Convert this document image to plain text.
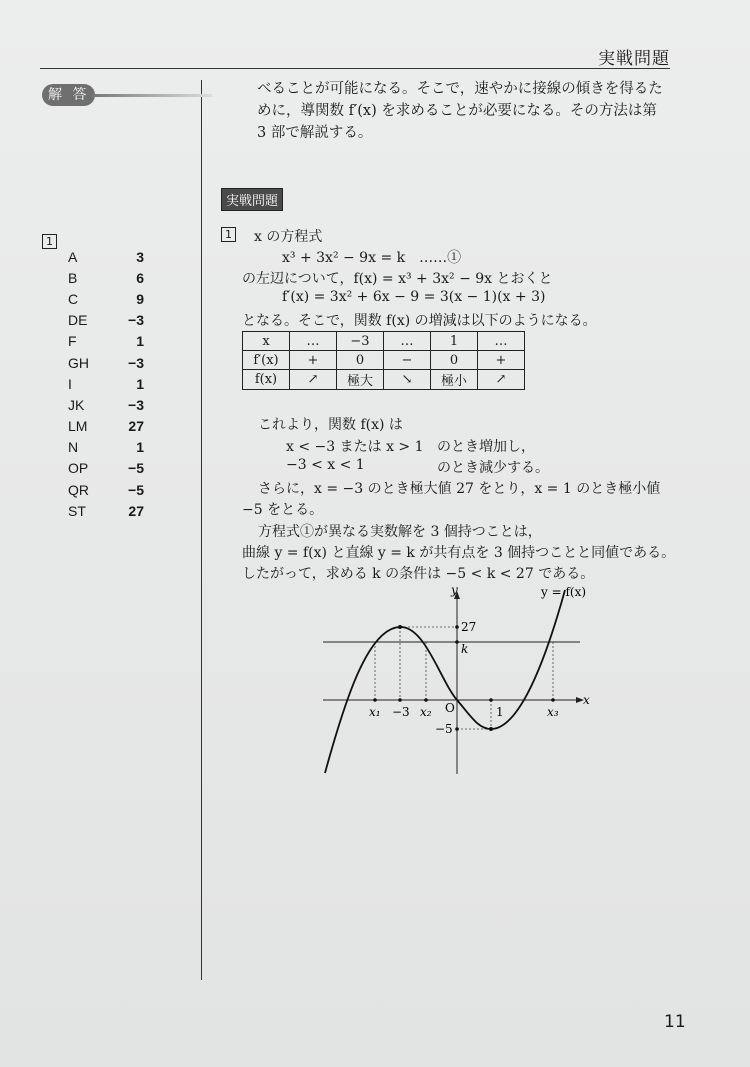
実戦問題
解 答
1
A	3
B	6
C	9
DE	−3
F	1
GH	−3
I	1
JK	−3
LM	27
N	1
OP	−5
QR	−5
ST	27
べることが可能になる。そこで，速やかに接線の傾きを得るた
めに，導関数 f′(x) を求めることが必要になる。その方法は第
3 部で解説する。
実戦問題
1 x の方程式
x³ + 3x² − 9x = k　……①
の左辺について，f(x) = x³ + 3x² − 9x とおくと
f′(x) = 3x² + 6x − 9 = 3(x − 1)(x + 3)
となる。そこで，関数 f(x) の増減は以下のようになる。
x	…	−3	…	1	…
f′(x)	+	0	−	0	+
f(x)	↗	極大	↘	極小	↗
これより，関数 f(x) は
x < −3 または x > 1 のとき増加し，
−3 < x < 1	のとき減少する。
さらに，x = −3 のとき極大値 27 をとり，x = 1 のとき極小値
−5 をとる。
方程式①が異なる実数解を 3 個持つことは，
曲線 y = f(x) と直線 y = k が共有点を 3 個持つことと同値である。
したがって，求める k の条件は −5 < k < 27 である。
y	y = f(x)
x
27
k
O
x₁ −3 x₂	1	x₃
−5
11
